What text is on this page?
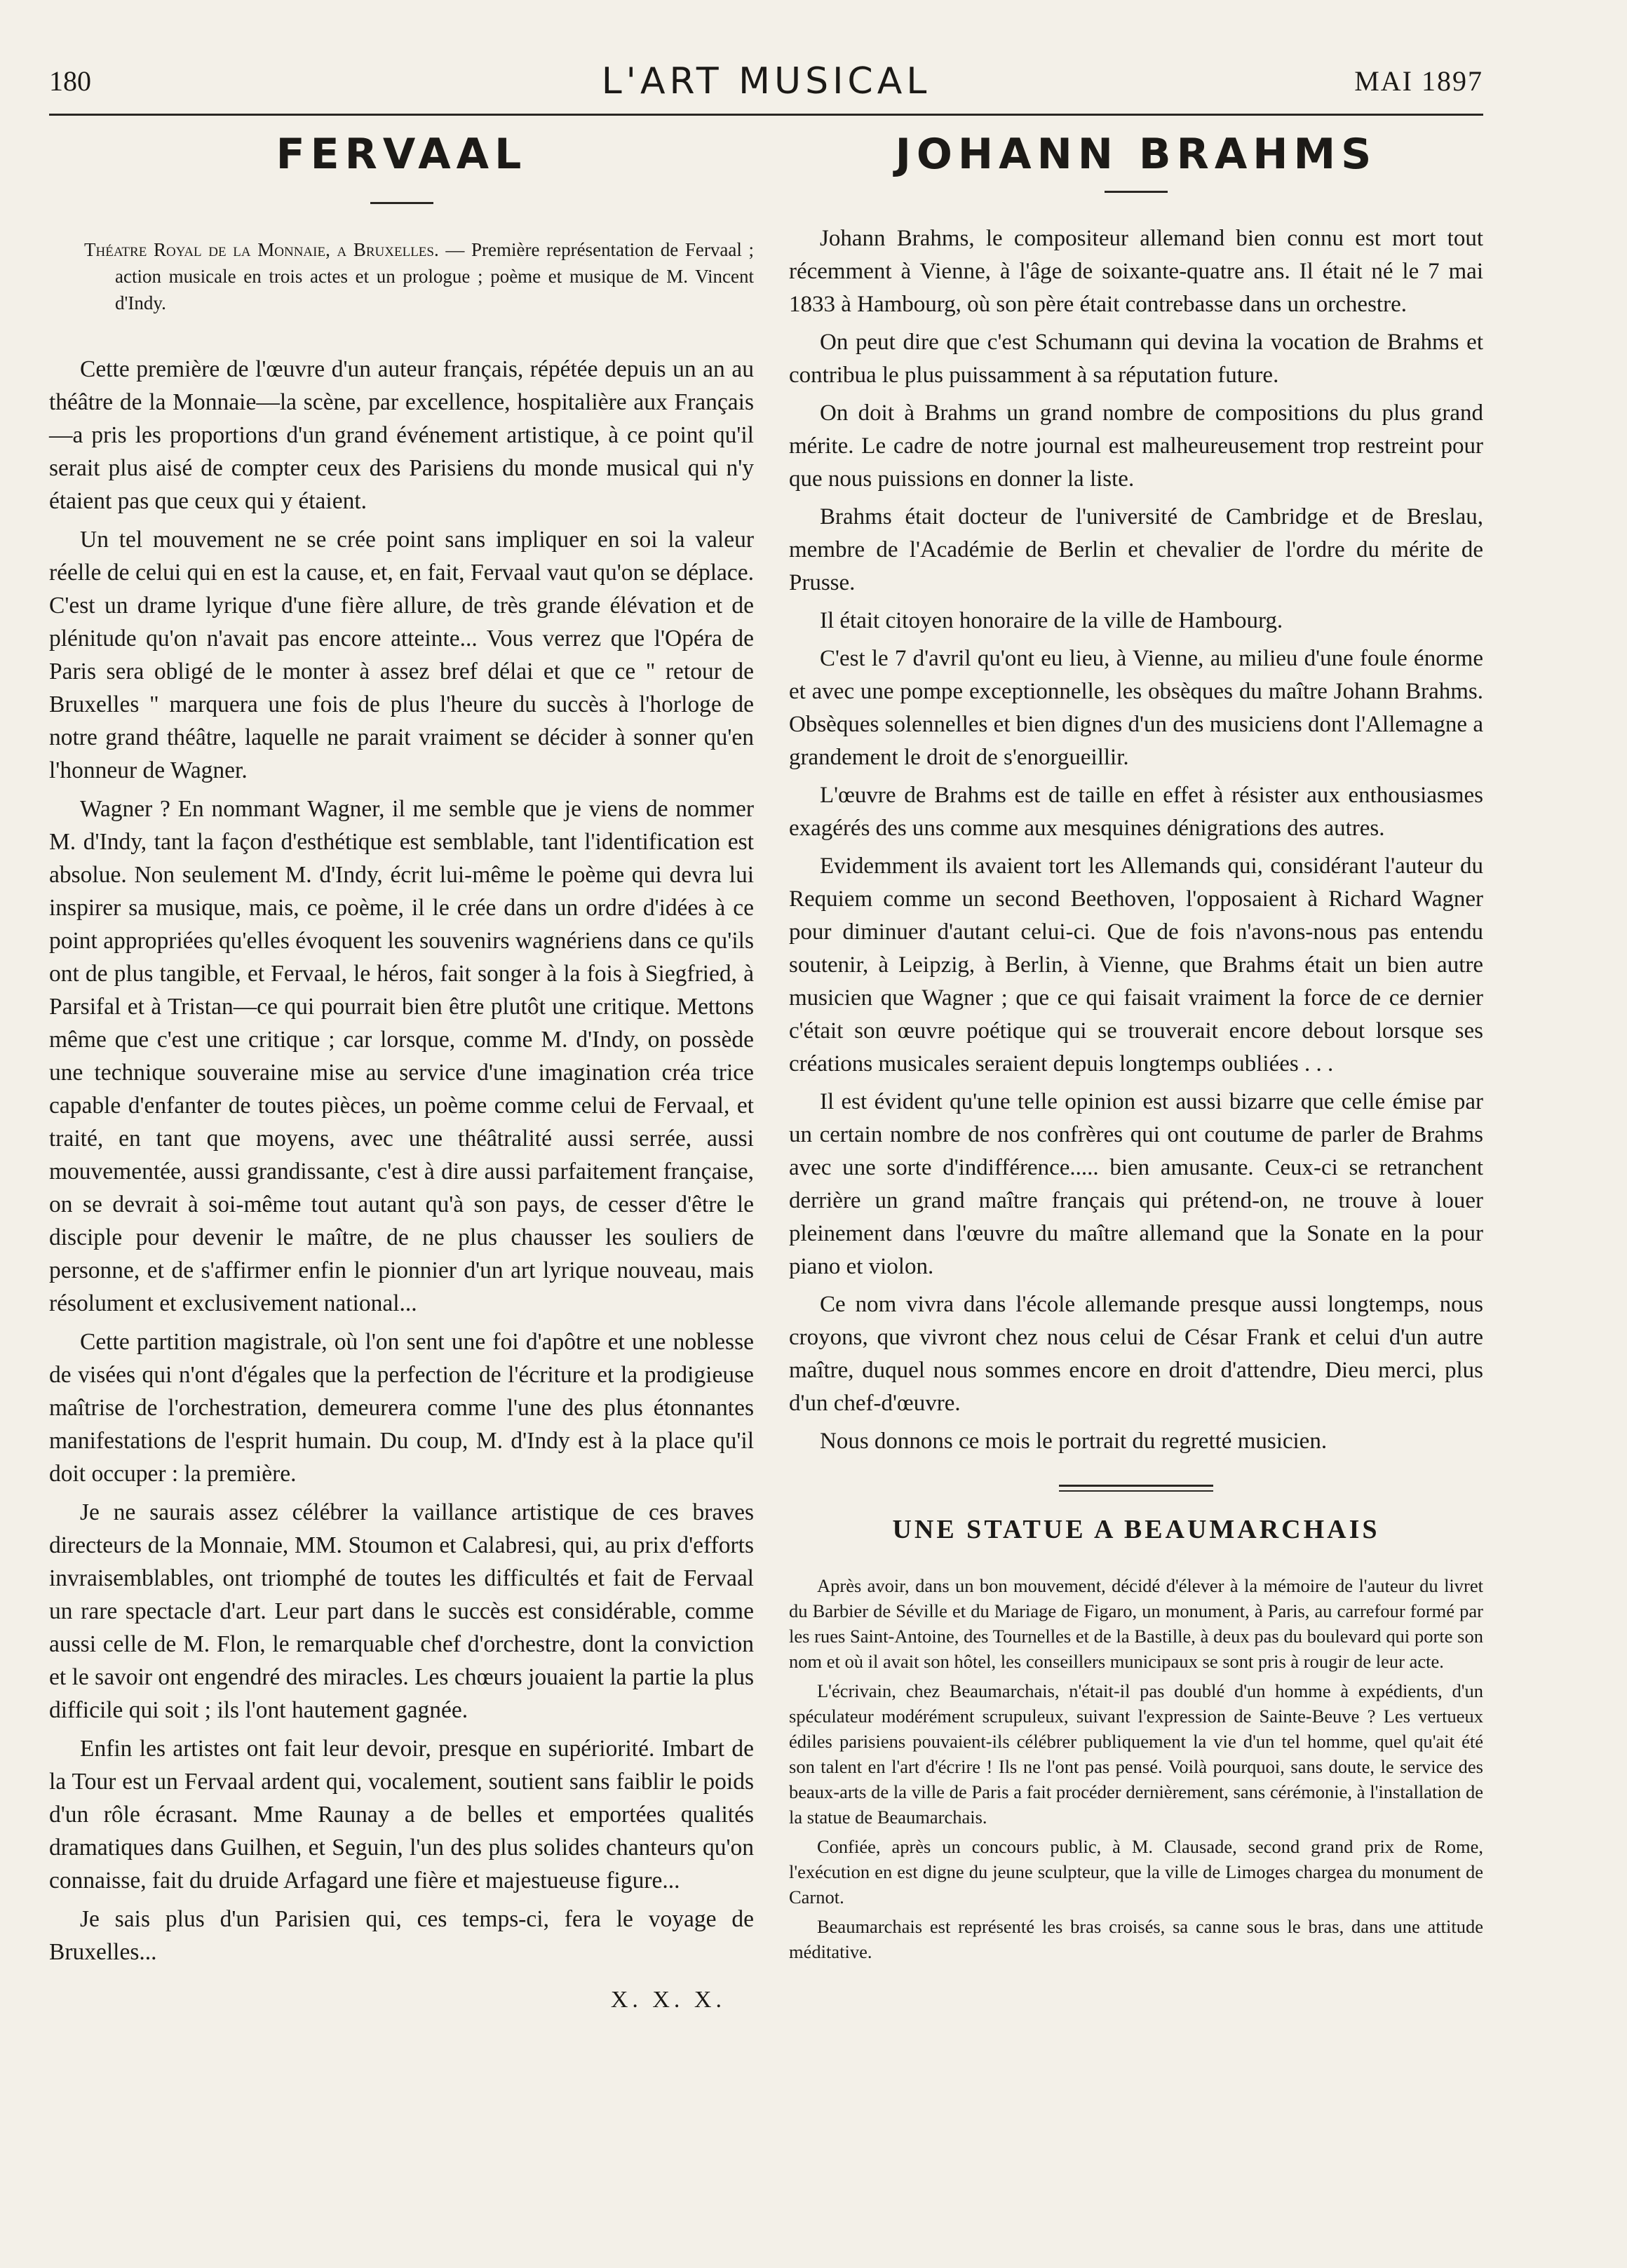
180	L'ART MUSICAL	MAI 1897
FERVAAL

Théatre Royal de la Monnaie, a Bruxelles. — Première représentation de Fervaal ; action musicale en trois actes et un prologue ; poème et musique de M. Vincent d'Indy.

Cette première de l'œuvre d'un auteur français, répétée depuis un an au théâtre de la Monnaie—la scène, par excellence, hospitalière aux Français—a pris les proportions d'un grand événement artistique, à ce point qu'il serait plus aisé de compter ceux des Parisiens du monde musical qui n'y étaient pas que ceux qui y étaient.

Un tel mouvement ne se crée point sans impliquer en soi la valeur réelle de celui qui en est la cause, et, en fait, Fervaal vaut qu'on se déplace. C'est un drame lyrique d'une fière allure, de très grande élévation et de plénitude qu'on n'avait pas encore atteinte... Vous verrez que l'Opéra de Paris sera obligé de le monter à assez bref délai et que ce " retour de Bruxelles " marquera une fois de plus l'heure du succès à l'horloge de notre grand théâtre, laquelle ne parait vraiment se décider à sonner qu'en l'honneur de Wagner.

Wagner ? En nommant Wagner, il me semble que je viens de nommer M. d'Indy, tant la façon d'esthétique est semblable, tant l'identification est absolue. Non seulement M. d'Indy, écrit lui-même le poème qui devra lui inspirer sa musique, mais, ce poème, il le crée dans un ordre d'idées à ce point appropriées qu'elles évoquent les souvenirs wagnériens dans ce qu'ils ont de plus tangible, et Fervaal, le héros, fait songer à la fois à Siegfried, à Parsifal et à Tristan—ce qui pourrait bien être plutôt une critique. Mettons même que c'est une critique ; car lorsque, comme M. d'Indy, on possède une technique souveraine mise au service d'une imagination créa trice capable d'enfanter de toutes pièces, un poème comme celui de Fervaal, et traité, en tant que moyens, avec une théâtralité aussi serrée, aussi mouvementée, aussi grandissante, c'est à dire aussi parfaitement française, on se devrait à soi-même tout autant qu'à son pays, de cesser d'être le disciple pour devenir le maître, de ne plus chausser les souliers de personne, et de s'affirmer enfin le pionnier d'un art lyrique nouveau, mais résolument et exclusivement national...

Cette partition magistrale, où l'on sent une foi d'apôtre et une noblesse de visées qui n'ont d'égales que la perfection de l'écriture et la prodigieuse maîtrise de l'orchestration, demeurera comme l'une des plus étonnantes manifestations de l'esprit humain. Du coup, M. d'Indy est à la place qu'il doit occuper : la première.

Je ne saurais assez célébrer la vaillance artistique de ces braves directeurs de la Monnaie, MM. Stoumon et Calabresi, qui, au prix d'efforts invraisemblables, ont triomphé de toutes les difficultés et fait de Fervaal un rare spectacle d'art. Leur part dans le succès est considérable, comme aussi celle de M. Flon, le remarquable chef d'orchestre, dont la conviction et le savoir ont engendré des miracles. Les chœurs jouaient la partie la plus difficile qui soit ; ils l'ont hautement gagnée.

Enfin les artistes ont fait leur devoir, presque en supériorité. Imbart de la Tour est un Fervaal ardent qui, vocalement, soutient sans faiblir le poids d'un rôle écrasant. Mme Raunay a de belles et emportées qualités dramatiques dans Guilhen, et Seguin, l'un des plus solides chanteurs qu'on connaisse, fait du druide Arfagard une fière et majestueuse figure...

Je sais plus d'un Parisien qui, ces temps-ci, fera le voyage de Bruxelles...

X. X. X.
JOHANN BRAHMS

Johann Brahms, le compositeur allemand bien connu est mort tout récemment à Vienne, à l'âge de soixante-quatre ans. Il était né le 7 mai 1833 à Hambourg, où son père était contrebasse dans un orchestre.

On peut dire que c'est Schumann qui devina la vocation de Brahms et contribua le plus puissamment à sa réputation future.

On doit à Brahms un grand nombre de compositions du plus grand mérite. Le cadre de notre journal est malheureusement trop restreint pour que nous puissions en donner la liste.

Brahms était docteur de l'université de Cambridge et de Breslau, membre de l'Académie de Berlin et chevalier de l'ordre du mérite de Prusse.

Il était citoyen honoraire de la ville de Hambourg.

C'est le 7 d'avril qu'ont eu lieu, à Vienne, au milieu d'une foule énorme et avec une pompe exceptionnelle, les obsèques du maître Johann Brahms. Obsèques solennelles et bien dignes d'un des musiciens dont l'Allemagne a grandement le droit de s'enorgueillir.

L'œuvre de Brahms est de taille en effet à résister aux enthousiasmes exagérés des uns comme aux mesquines dénigrations des autres.

Evidemment ils avaient tort les Allemands qui, considérant l'auteur du Requiem comme un second Beethoven, l'opposaient à Richard Wagner pour diminuer d'autant celui-ci. Que de fois n'avons-nous pas entendu soutenir, à Leipzig, à Berlin, à Vienne, que Brahms était un bien autre musicien que Wagner ; que ce qui faisait vraiment la force de ce dernier c'était son œuvre poétique qui se trouverait encore debout lorsque ses créations musicales seraient depuis longtemps oubliées . . .

Il est évident qu'une telle opinion est aussi bizarre que celle émise par un certain nombre de nos confrères qui ont coutume de parler de Brahms avec une sorte d'indifférence..... bien amusante. Ceux-ci se retranchent derrière un grand maître français qui prétend-on, ne trouve à louer pleinement dans l'œuvre du maître allemand que la Sonate en la pour piano et violon.

Ce nom vivra dans l'école allemande presque aussi longtemps, nous croyons, que vivront chez nous celui de César Frank et celui d'un autre maître, duquel nous sommes encore en droit d'attendre, Dieu merci, plus d'un chef-d'œuvre.

Nous donnons ce mois le portrait du regretté musicien.

UNE STATUE A BEAUMARCHAIS

Après avoir, dans un bon mouvement, décidé d'élever à la mémoire de l'auteur du livret du Barbier de Séville et du Mariage de Figaro, un monument, à Paris, au carrefour formé par les rues Saint-Antoine, des Tournelles et de la Bastille, à deux pas du boulevard qui porte son nom et où il avait son hôtel, les conseillers municipaux se sont pris à rougir de leur acte.

L'écrivain, chez Beaumarchais, n'était-il pas doublé d'un homme à expédients, d'un spéculateur modérément scrupuleux, suivant l'expression de Sainte-Beuve ? Les vertueux édiles parisiens pouvaient-ils célébrer publiquement la vie d'un tel homme, quel qu'ait été son talent en l'art d'écrire ! Ils ne l'ont pas pensé. Voilà pourquoi, sans doute, le service des beaux-arts de la ville de Paris a fait procéder dernièrement, sans cérémonie, à l'installation de la statue de Beaumarchais.

Confiée, après un concours public, à M. Clausade, second grand prix de Rome, l'exécution en est digne du jeune sculpteur, que la ville de Limoges chargea du monument de Carnot.

Beaumarchais est représenté les bras croisés, sa canne sous le bras, dans une attitude méditative.
